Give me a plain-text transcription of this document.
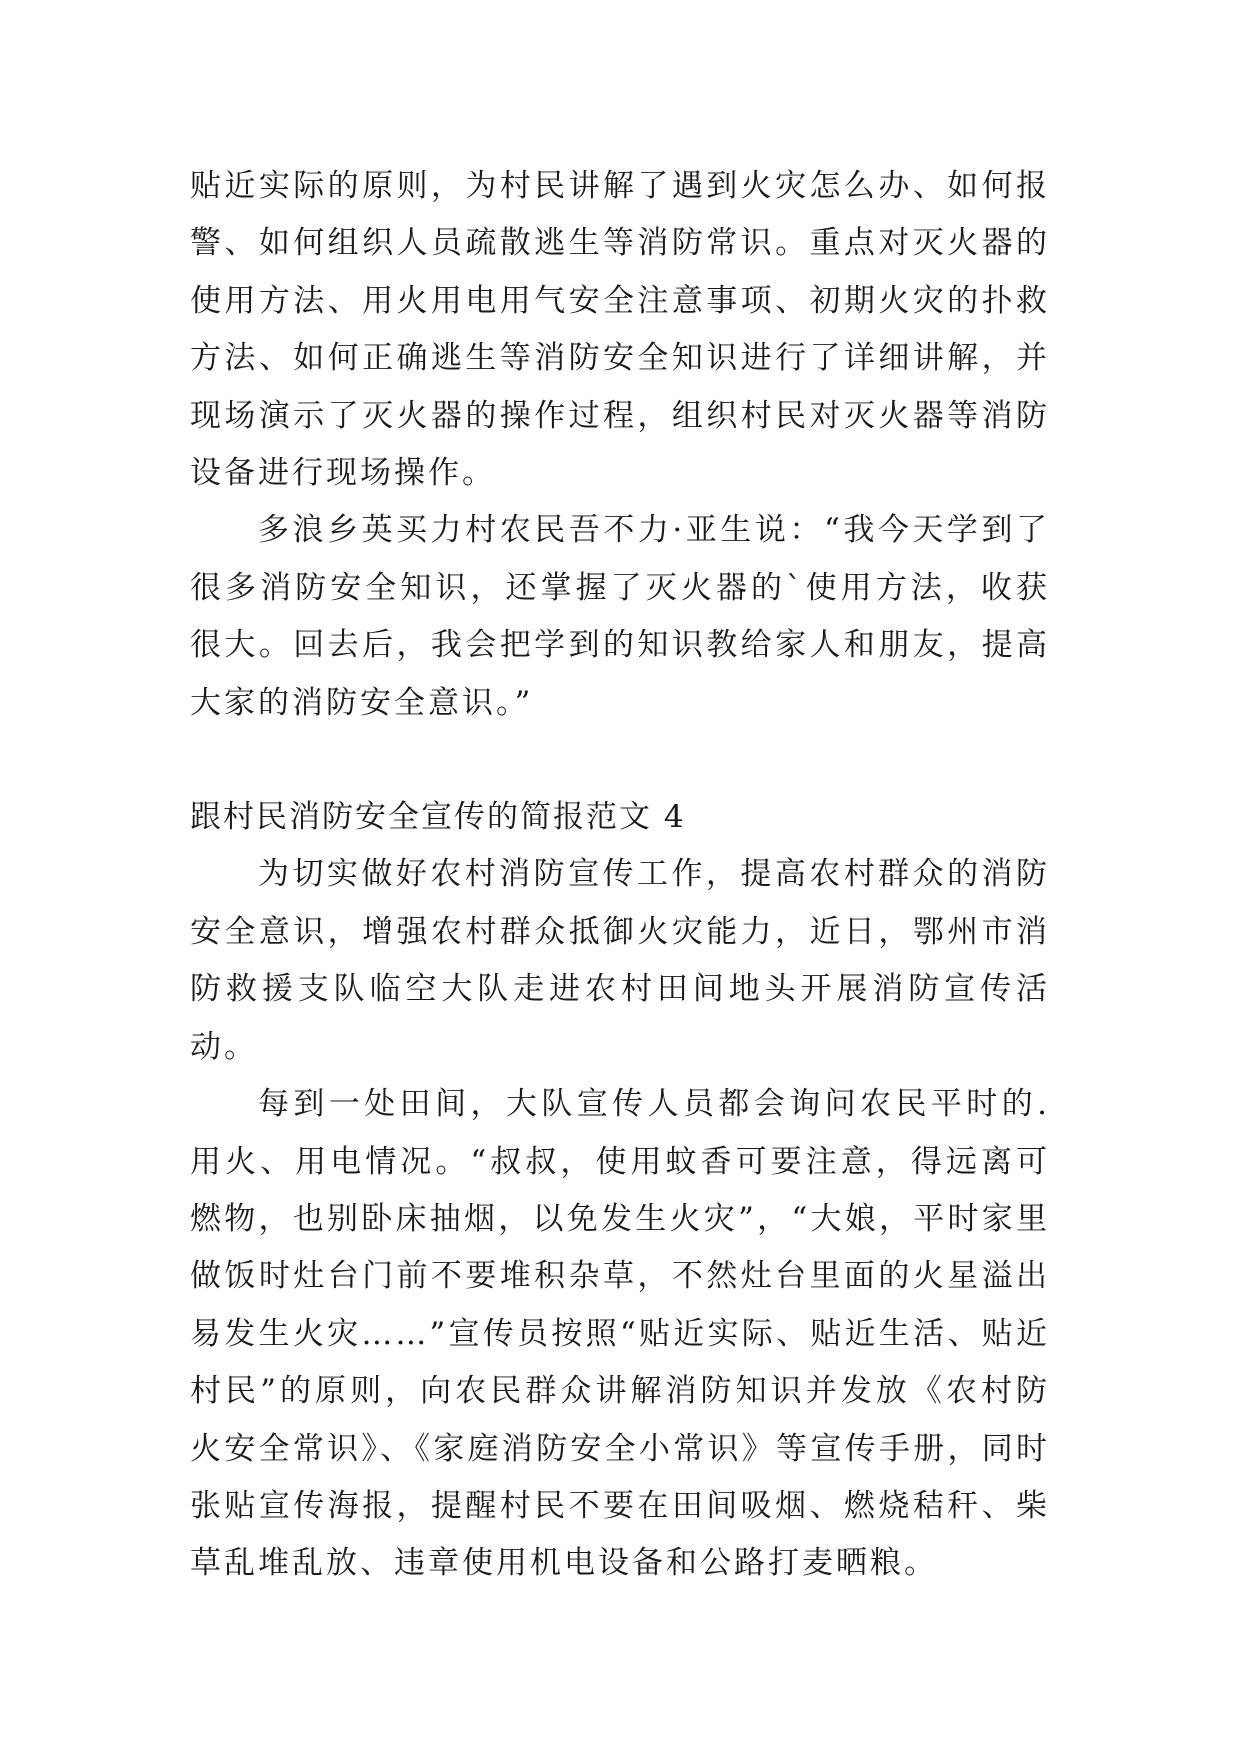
贴近实际的原则，为村民讲解了遇到火灾怎么办、如何报警、如何组织人员疏散逃生等消防常识。重点对灭火器的使用方法、用火用电用气安全注意事项、初期火灾的扑救方法、如何正确逃生等消防安全知识进行了详细讲解，并现场演示了灭火器的操作过程，组织村民对灭火器等消防设备进行现场操作。

多浪乡英买力村农民吾不力·亚生说：“我今天学到了很多消防安全知识，还掌握了灭火器的`使用方法，收获很大。回去后，我会把学到的知识教给家人和朋友，提高大家的消防安全意识。”

跟村民消防安全宣传的简报范文 4

为切实做好农村消防宣传工作，提高农村群众的消防安全意识，增强农村群众抵御火灾能力，近日，鄂州市消防救援支队临空大队走进农村田间地头开展消防宣传活动。

每到一处田间，大队宣传人员都会询问农民平时的.用火、用电情况。“叔叔，使用蚊香可要注意，得远离可燃物，也别卧床抽烟，以免发生火灾”，“大娘，平时家里做饭时灶台门前不要堆积杂草，不然灶台里面的火星溢出易发生火灾……”宣传员按照“贴近实际、贴近生活、贴近村民”的原则，向农民群众讲解消防知识并发放《农村防火安全常识》、《家庭消防安全小常识》等宣传手册，同时张贴宣传海报，提醒村民不要在田间吸烟、燃烧秸秆、柴草乱堆乱放、违章使用机电设备和公路打麦晒粮。
